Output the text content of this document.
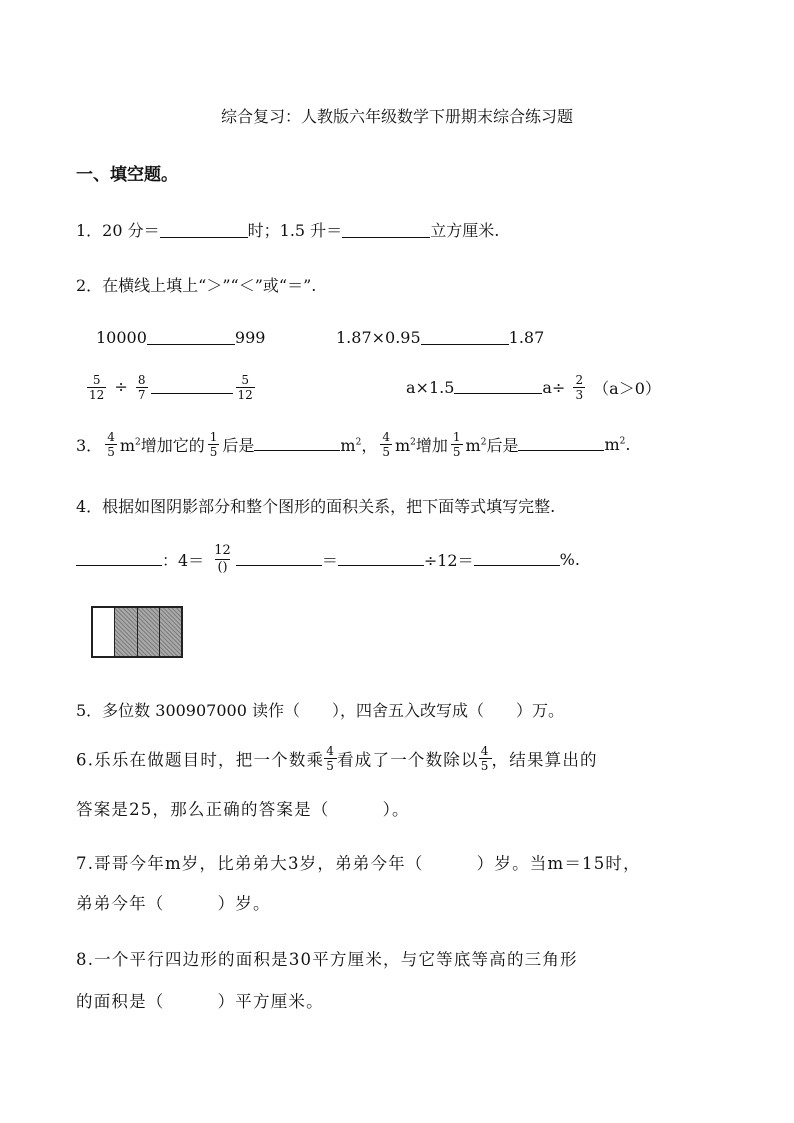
综合复习：人教版六年级数学下册期末综合练习题
一、填空题。
1．20 分＝	时；1.5 升＝	立方厘米.
2．在横线上填上“＞”“＜”或“＝”.
10000	999	1.87×0.95	1.87
$\frac{5}{12} \div \frac{8}{7}$	$\frac{5}{12}$	a×1.5	$a\div \frac{2}{3} (a>0)$
3． $\frac{4}{5} m^2$增加它的 $\frac{1}{5}$ 后是	$m^2$， $\frac{4}{5} m^2$增加 $\frac{1}{5} m^2$后是	$m^2$.
4．根据如图阴影部分和整个图形的面积关系，把下面等式填写完整.
：4＝
12
()	＝	÷12＝	%.
5．多位数 300907000 读作（　　），四舍五入改写成（　　）万。
6.乐乐在做题目时，把一个数乘 $\frac{4}{5}$ 看成了一个数除以 $\frac{4}{5}$ ，结果算出的
答案是25，那么正确的答案是（　　　）。
7.哥哥今年m岁，比弟弟大3岁，弟弟今年（　　　）岁。当m＝15时，
弟弟今年（　　　）岁。
8.一个平行四边形的面积是30平方厘米，与它等底等高的三角形
的面积是（　　　）平方厘米。
